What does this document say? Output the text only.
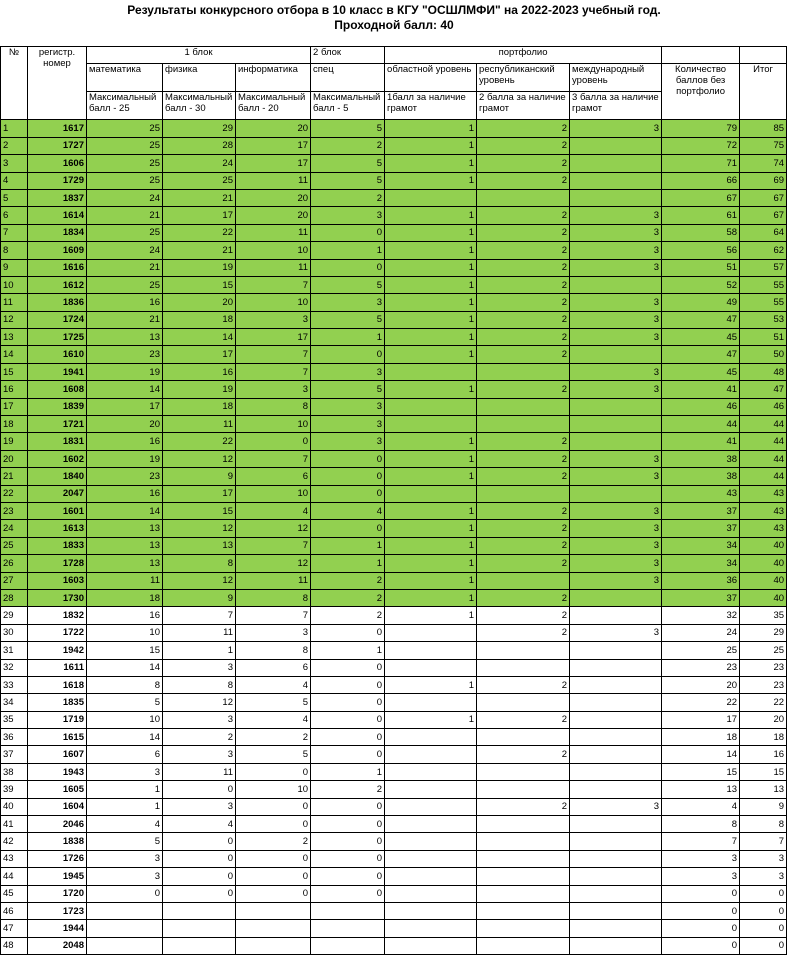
Результаты конкурсного отбора в 10 класс в КГУ "ОСШЛМФИ" на 2022-2023 учебный год.
Проходной балл: 40
№	регистр. номер	1 блок			2 блок	портфолио				
		математика	физика	информатика	спец	областной уровень	республиканский уровень	международный уровень	Количество баллов без портфолио	Итог
		Максимальный балл - 25	Максимальный балл - 30	Максимальный балл - 20	Максимальный балл - 5	1балл за наличие грамот	2 балла за наличие грамот	3 балла за наличие грамот		
1	1617	25	29	20	5	1	2	3	79	85
2	1727	25	28	17	2	1	2		72	75
3	1606	25	24	17	5	1	2		71	74
4	1729	25	25	11	5	1	2		66	69
5	1837	24	21	20	2				67	67
6	1614	21	17	20	3	1	2	3	61	67
7	1834	25	22	11	0	1	2	3	58	64
8	1609	24	21	10	1	1	2	3	56	62
9	1616	21	19	11	0	1	2	3	51	57
10	1612	25	15	7	5	1	2		52	55
11	1836	16	20	10	3	1	2	3	49	55
12	1724	21	18	3	5	1	2	3	47	53
13	1725	13	14	17	1	1	2	3	45	51
14	1610	23	17	7	0	1	2		47	50
15	1941	19	16	7	3			3	45	48
16	1608	14	19	3	5	1	2	3	41	47
17	1839	17	18	8	3				46	46
18	1721	20	11	10	3				44	44
19	1831	16	22	0	3	1	2		41	44
20	1602	19	12	7	0	1	2	3	38	44
21	1840	23	9	6	0	1	2	3	38	44
22	2047	16	17	10	0				43	43
23	1601	14	15	4	4	1	2	3	37	43
24	1613	13	12	12	0	1	2	3	37	43
25	1833	13	13	7	1	1	2	3	34	40
26	1728	13	8	12	1	1	2	3	34	40
27	1603	11	12	11	2	1		3	36	40
28	1730	18	9	8	2	1	2		37	40
29	1832	16	7	7	2	1	2		32	35
30	1722	10	11	3	0		2	3	24	29
31	1942	15	1	8	1				25	25
32	1611	14	3	6	0				23	23
33	1618	8	8	4	0	1	2		20	23
34	1835	5	12	5	0				22	22
35	1719	10	3	4	0	1	2		17	20
36	1615	14	2	2	0				18	18
37	1607	6	3	5	0		2		14	16
38	1943	3	11	0	1				15	15
39	1605	1	0	10	2				13	13
40	1604	1	3	0	0		2	3	4	9
41	2046	4	4	0	0				8	8
42	1838	5	0	2	0				7	7
43	1726	3	0	0	0				3	3
44	1945	3	0	0	0				3	3
45	1720	0	0	0	0				0	0
46	1723								0	0
47	1944								0	0
48	2048								0	0
